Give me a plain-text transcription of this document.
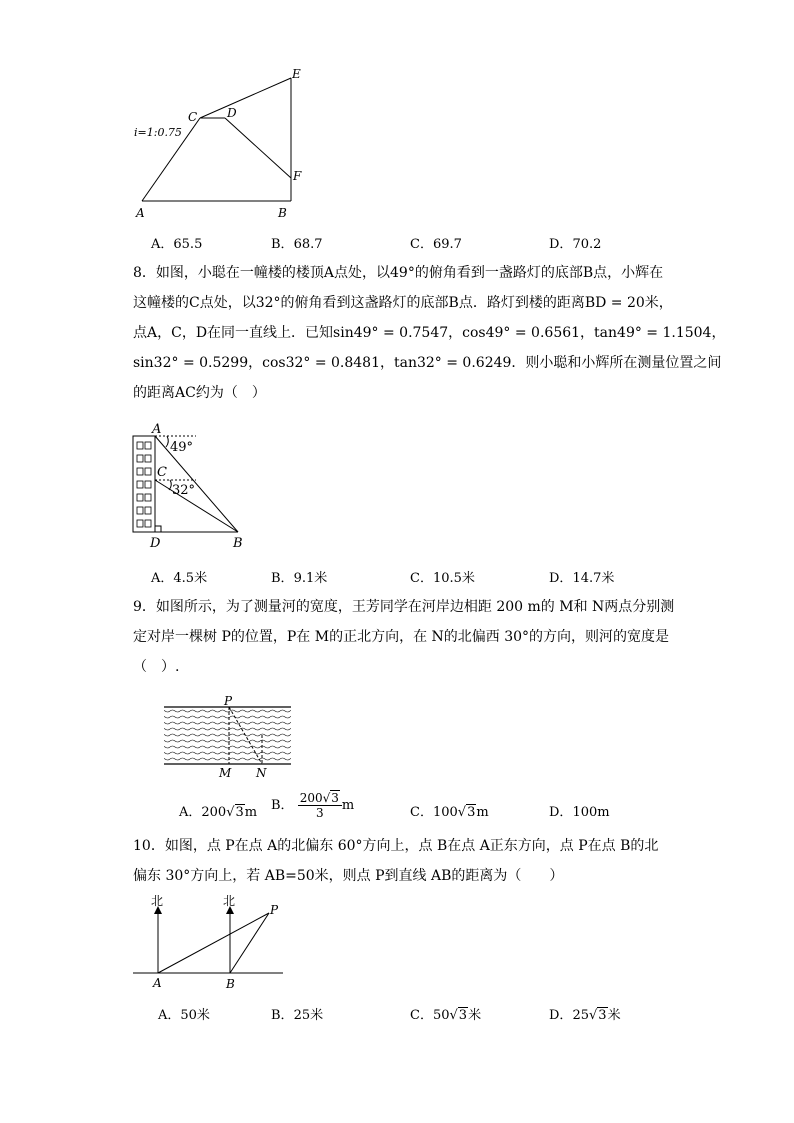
A	B
C D
E
F
i=1:0.75
A．65.5	B．68.7	C．69.7	D．70.2

8．如图，小聪在一幢楼的楼顶A点处，以49°的俯角看到一盏路灯的底部B点，小辉在

这幢楼的C点处，以32°的俯角看到这盏路灯的底部B点．路灯到楼的距离BD = 20米，

点A，C，D在同一直线上．已知sin49° = 0.7547，cos49° = 0.6561，tan49° = 1.1504，

sin32° = 0.5299，cos32° = 0.8481，tan32° = 0.6249．则小聪和小辉所在测量位置之间

的距离AC约为（　）

A
C
D	B
49°
32°
A．4.5米	B．9.1米	C．10.5米	D．14.7米

9．如图所示，为了测量河的宽度，王芳同学在河岸边相距 200 m的 M和 N两点分别测

定对岸一棵树 P的位置，P在 M的正北方向，在 N的北偏西 30°的方向，则河的宽度是

（　）.

P
M N
A．200√3m B． $\frac{200√3}{3}$ m	C．100√3m	D．100m

10．如图，点 P在点 A的北偏东 60°方向上，点 B在点 A正东方向，点 P在点 B的北

偏东 30°方向上，若 AB=50米，则点 P到直线 AB的距离为（　　）

北	北
P
A	B
A．50米	B．25米	C．50√3米	D．25√3米
